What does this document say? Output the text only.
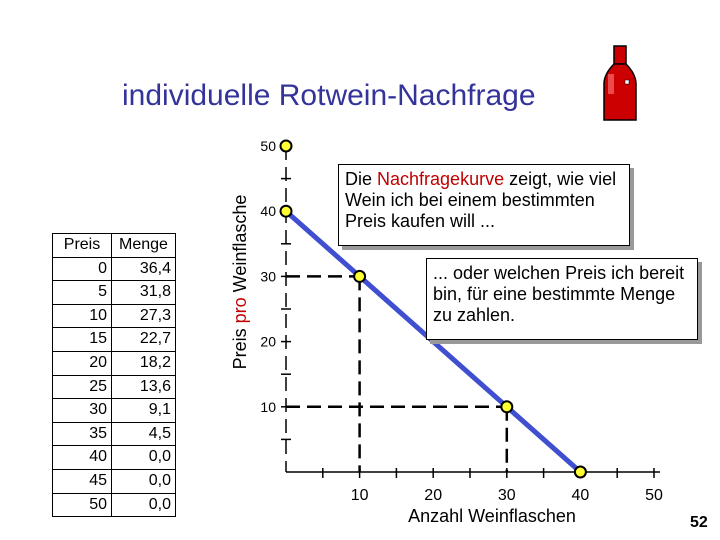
individuelle Rotwein-Nachfrage
Preis	Menge
0	36,4
5	31,8
10	27,3
15	22,7
20	18,2
25	13,6
30	9,1
35	4,5
40	0,0
45	0,0
50	0,0
Preis pro Weinflasche
10
20
30
40
50
10	20	30	40	50
Anzahl Weinflaschen
Die Nachfragekurve zeigt, wie viel Wein ich bei einem bestimmten Preis kaufen will ...
... oder welchen Preis ich bereit bin, für eine bestimmte Menge zu zahlen.
52
